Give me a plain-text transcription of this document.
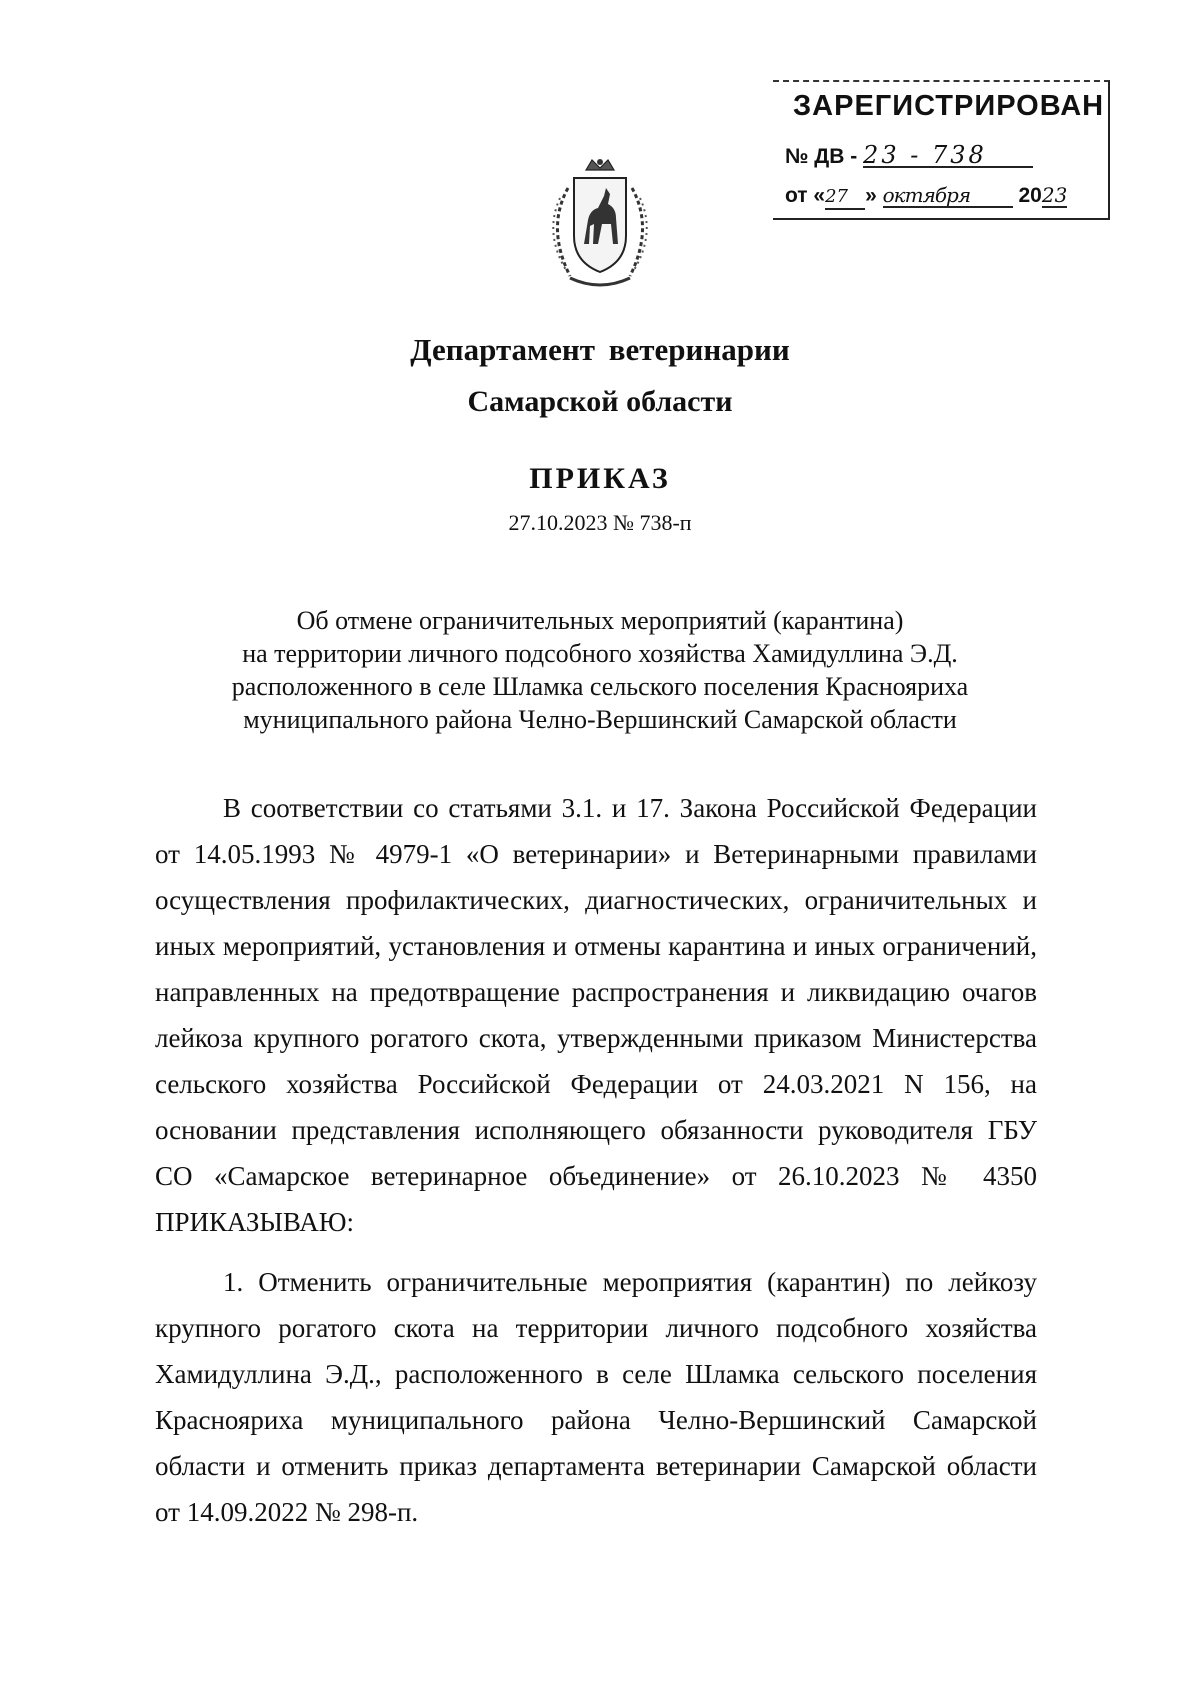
ЗАРЕГИСТРИРОВАН
№ ДВ - 23 - 738
от «27 » октября 2023
Департамент ветеринарии
Самарской области
ПРИКАЗ
27.10.2023 № 738-п
Об отмене ограничительных мероприятий (карантина)
на территории личного подсобного хозяйства Хамидуллина Э.Д.
расположенного в селе Шламка сельского поселения Краснояриха
муниципального района Челно-Вершинский Самарской области
В соответствии со статьями 3.1. и 17. Закона Российской Федерации от 14.05.1993 № 4979-1 «О ветеринарии» и Ветеринарными правилами осуществления профилактических, диагностических, ограничительных и иных мероприятий, установления и отмены карантина и иных ограничений, направленных на предотвращение распространения и ликвидацию очагов лейкоза крупного рогатого скота, утвержденными приказом Министерства сельского хозяйства Российской Федерации от 24.03.2021 N 156, на основании представления исполняющего обязанности руководителя ГБУ СО «Самарское ветеринарное объединение» от 26.10.2023 № 4350 ПРИКАЗЫВАЮ:
1. Отменить ограничительные мероприятия (карантин) по лейкозу крупного рогатого скота на территории личного подсобного хозяйства Хамидуллина Э.Д., расположенного в селе Шламка сельского поселения Краснояриха муниципального района Челно-Вершинский Самарской области и отменить приказ департамента ветеринарии Самарской области от 14.09.2022 № 298-п.
